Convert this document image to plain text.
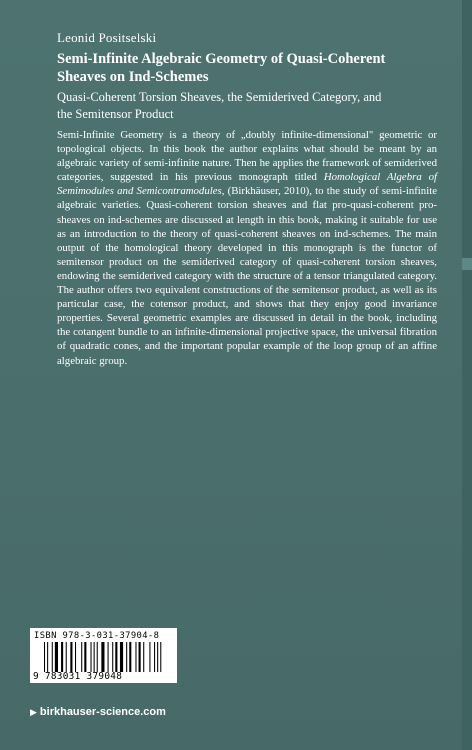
Leonid Positselski
Semi-Infinite Algebraic Geometry of Quasi-Coherent Sheaves on Ind-Schemes
Quasi-Coherent Torsion Sheaves, the Semiderived Category, and the Semitensor Product
Semi-Infinite Geometry is a theory of „doubly infinite-dimensional" geometric or topological objects. In this book the author explains what should be meant by an algebraic variety of semi-infinite nature. Then he applies the framework of semiderived categories, suggested in his previous monograph titled Homological Algebra of Semimodules and Semicontramodules, (Birkhäuser, 2010), to the study of semi-infinite algebraic varieties. Quasi-coherent torsion sheaves and flat pro-quasi-coherent pro-sheaves on ind-schemes are discussed at length in this book, making it suitable for use as an introduction to the theory of quasi-coherent sheaves on ind-schemes. The main output of the homological theory developed in this monograph is the functor of semitensor product on the semiderived category of quasi-coherent torsion sheaves, endowing the semiderived category with the structure of a tensor triangulated category. The author offers two equivalent constructions of the semitensor product, as well as its particular case, the cotensor product, and shows that they enjoy good invariance properties. Several geometric examples are discussed in detail in the book, including the cotangent bundle to an infinite-dimensional projective space, the universal fibration of quadratic cones, and the important popular example of the loop group of an affine algebraic group.
ISBN 978-3-031-37904-8
9 783031 379048
▶ birkhauser-science.com
